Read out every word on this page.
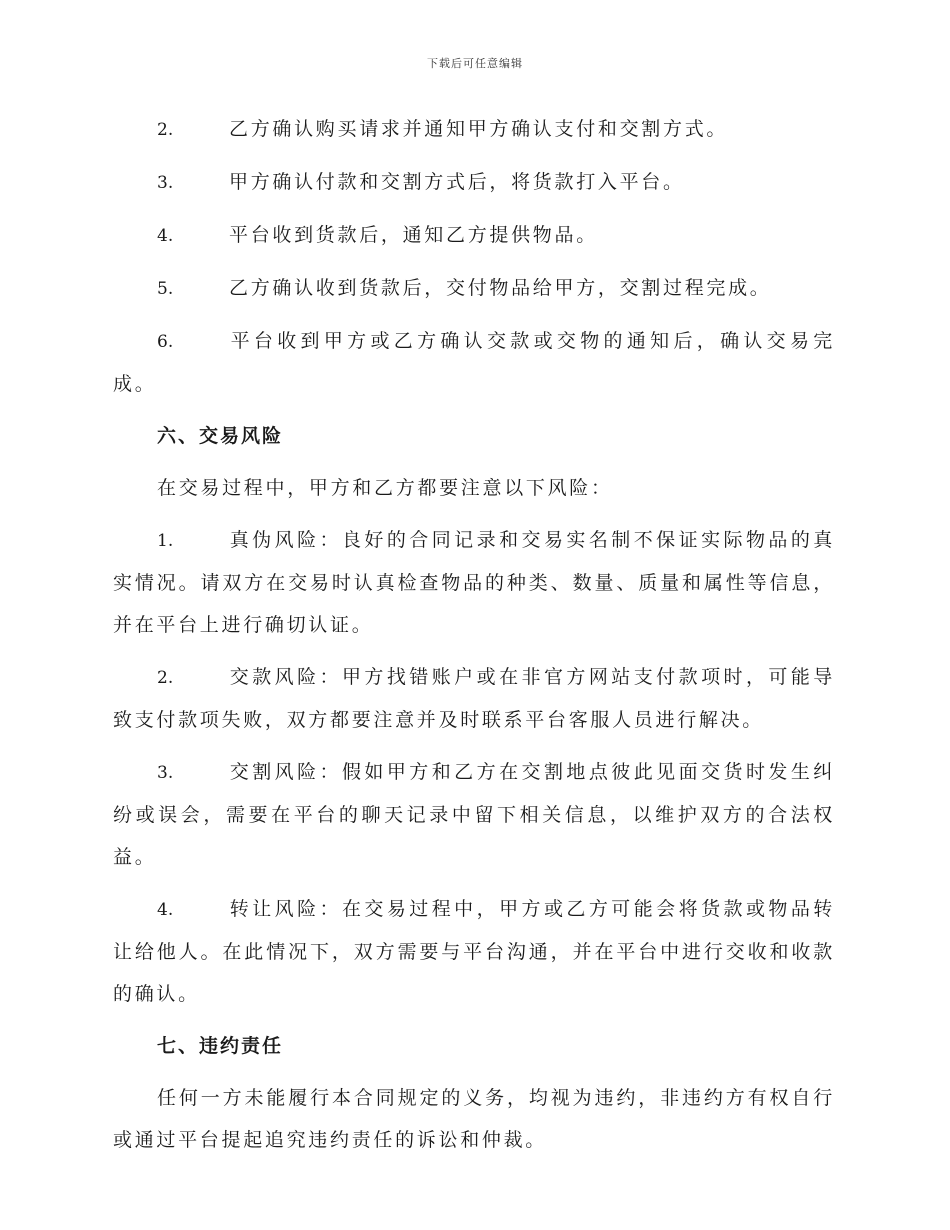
下载后可任意编辑

2.	乙方确认购买请求并通知甲方确认支付和交割方式。

3.	甲方确认付款和交割方式后，将货款打入平台。

4.	平台收到货款后，通知乙方提供物品。

5.	乙方确认收到货款后，交付物品给甲方，交割过程完成。

6.	平台收到甲方或乙方确认交款或交物的通知后，确认交易完成。

六、交易风险

在交易过程中，甲方和乙方都要注意以下风险：

1.	真伪风险：良好的合同记录和交易实名制不保证实际物品的真实情况。请双方在交易时认真检查物品的种类、数量、质量和属性等信息，并在平台上进行确切认证。

2.	交款风险：甲方找错账户或在非官方网站支付款项时，可能导致支付款项失败，双方都要注意并及时联系平台客服人员进行解决。

3.	交割风险：假如甲方和乙方在交割地点彼此见面交货时发生纠纷或误会，需要在平台的聊天记录中留下相关信息，以维护双方的合法权益。

4.	转让风险：在交易过程中，甲方或乙方可能会将货款或物品转让给他人。在此情况下，双方需要与平台沟通，并在平台中进行交收和收款的确认。

七、违约责任

任何一方未能履行本合同规定的义务，均视为违约，非违约方有权自行或通过平台提起追究违约责任的诉讼和仲裁。
